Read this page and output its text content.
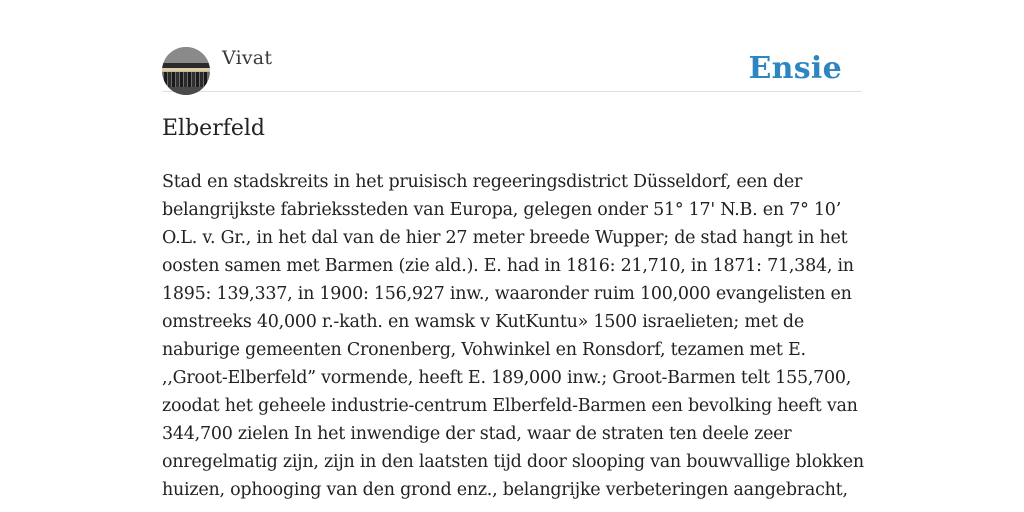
Vivat	Ensie
Elberfeld

Stad en stadskreits in het pruisisch regeeringsdistrict Düsseldorf, een der belangrijkste fabriekssteden van Europa, gelegen onder 51° 17' N.B. en 7° 10’ O.L. v. Gr., in het dal van de hier 27 meter breede Wupper; de stad hangt in het oosten samen met Barmen (zie ald.). E. had in 1816: 21,710, in 1871: 71,384, in 1895: 139,337, in 1900: 156,927 inw., waaronder ruim 100,000 evangelisten en omstreeks 40,000 r.-kath. en wamsk v KutKuntu» 1500 israelieten; met de naburige gemeenten Cronenberg, Vohwinkel en Ronsdorf, tezamen met E. ,,Groot-Elberfeld” vormende, heeft E. 189,000 inw.; Groot-Barmen telt 155,700, zoodat het geheele industrie-centrum Elberfeld-Barmen een bevolking heeft van 344,700 zielen In het inwendige der stad, waar de straten ten deele zeer onregelmatig zijn, zijn in den laatsten tijd door slooping van bouwvallige blokken huizen, ophooging van den grond enz., belangrijke verbeteringen aangebracht,
